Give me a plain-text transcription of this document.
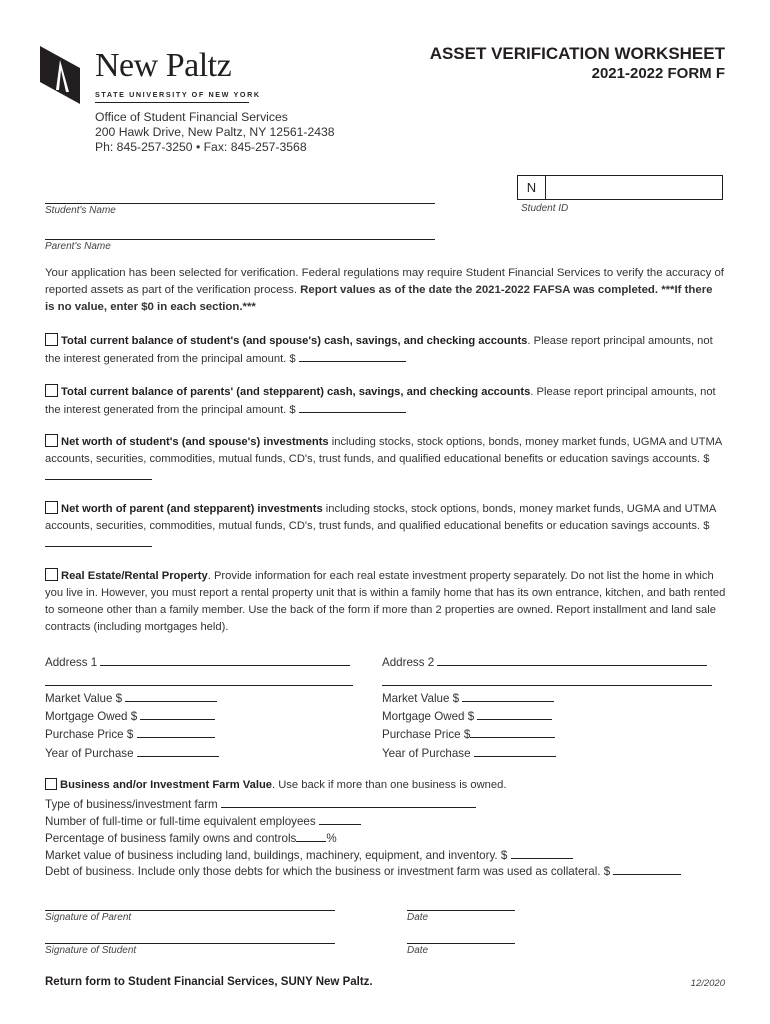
New Paltz
STATE UNIVERSITY OF NEW YORK
ASSET VERIFICATION WORKSHEET
2021-2022 FORM F
Office of Student Financial Services
200 Hawk Drive, New Paltz, NY 12561-2438
Ph: 845-257-3250 • Fax: 845-257-3568
Student's Name
Parent's Name
N
Student ID
Your application has been selected for verification. Federal regulations may require Student Financial Services to verify the accuracy of reported assets as part of the verification process. Report values as of the date the 2021-2022 FAFSA was completed. ***If there is no value, enter $0 in each section.***
Total current balance of student's (and spouse's) cash, savings, and checking accounts. Please report principal amounts, not the interest generated from the principal amount. $
Total current balance of parents' (and stepparent) cash, savings, and checking accounts. Please report principal amounts, not the interest generated from the principal amount. $
Net worth of student's (and spouse's) investments including stocks, stock options, bonds, money market funds, UGMA and UTMA accounts, securities, commodities, mutual funds, CD's, trust funds, and qualified educational benefits or education savings accounts. $
Net worth of parent (and stepparent) investments including stocks, stock options, bonds, money market funds, UGMA and UTMA accounts, securities, commodities, mutual funds, CD's, trust funds, and qualified educational benefits or education savings accounts. $
Real Estate/Rental Property. Provide information for each real estate investment property separately. Do not list the home in which you live in. However, you must report a rental property unit that is within a family home that has its own entrance, kitchen, and bath rented to someone other than a family member. Use the back of the form if more than 2 properties are owned. Report installment and land sale contracts (including mortgages held).
Address 1
Market Value $
Mortgage Owed $
Purchase Price $
Year of Purchase
Address 2
Market Value $
Mortgage Owed $
Purchase Price $
Year of Purchase
Business and/or Investment Farm Value. Use back if more than one business is owned.
Type of business/investment farm
Number of full-time or full-time equivalent employees
Percentage of business family owns and controls	%
Market value of business including land, buildings, machinery, equipment, and inventory. $
Debt of business. Include only those debts for which the business or investment farm was used as collateral. $
Signature of Parent	Date
Signature of Student	Date
Return form to Student Financial Services, SUNY New Paltz.	12/2020
